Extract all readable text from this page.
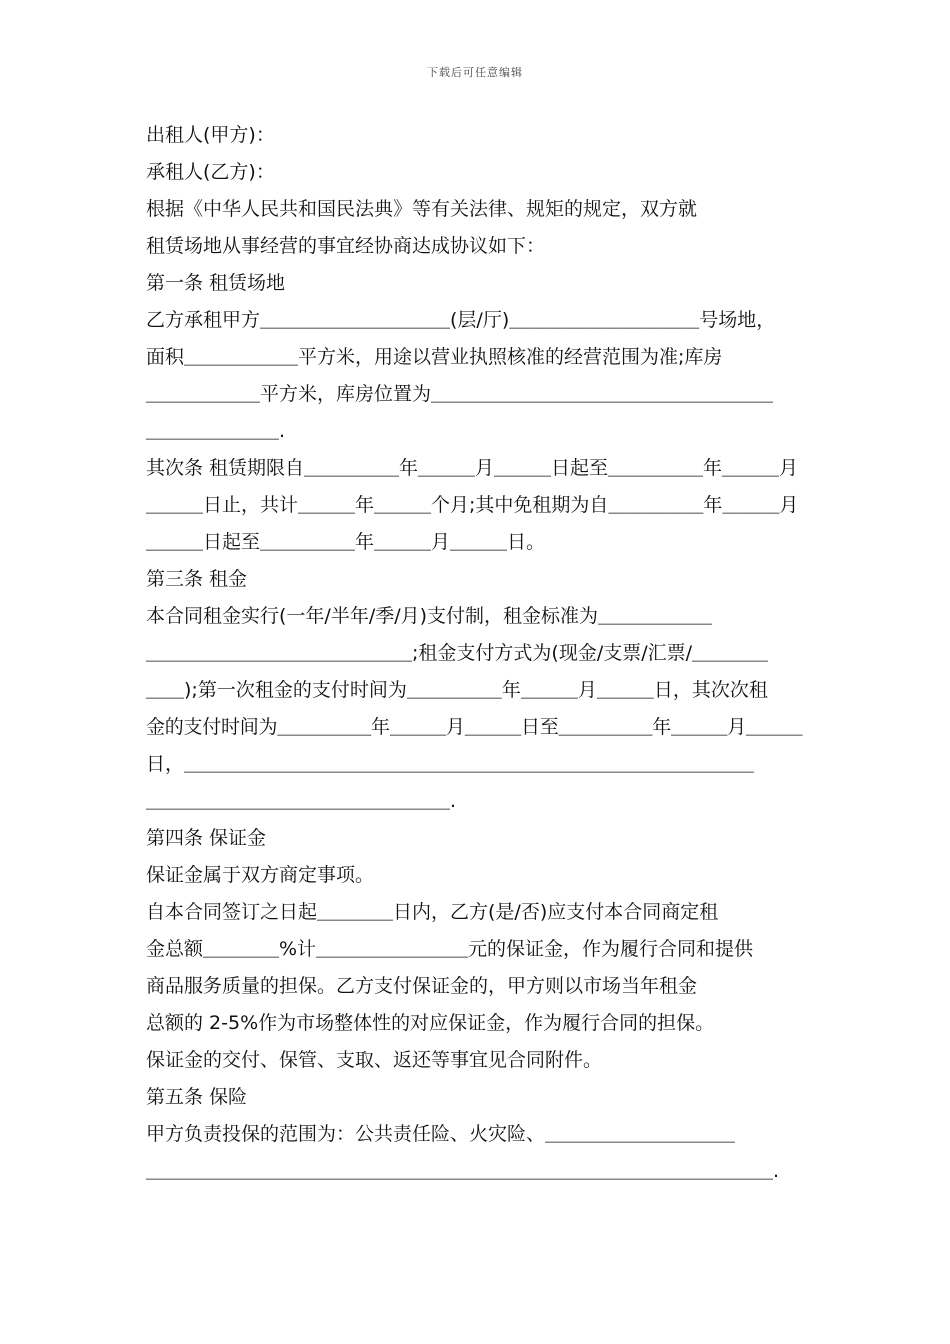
下载后可任意编辑
出租人(甲方)：
承租人(乙方)：
根据《中华人民共和国民法典》等有关法律、规矩的规定，双方就
租赁场地从事经营的事宜经协商达成协议如下：
第一条 租赁场地
乙方承租甲方＿＿＿＿＿＿＿＿＿＿(层/厅)＿＿＿＿＿＿＿＿＿＿号场地，
面积＿＿＿＿＿＿平方米，用途以营业执照核准的经营范围为准;库房
＿＿＿＿＿＿平方米，库房位置为＿＿＿＿＿＿＿＿＿＿＿＿＿＿＿＿＿＿
＿＿＿＿＿＿＿.
其次条 租赁期限自＿＿＿＿＿年＿＿＿月＿＿＿日起至＿＿＿＿＿年＿＿＿月
＿＿＿日止，共计＿＿＿年＿＿＿个月;其中免租期为自＿＿＿＿＿年＿＿＿月
＿＿＿日起至＿＿＿＿＿年＿＿＿月＿＿＿日。
第三条 租金
本合同租金实行(一年/半年/季/月)支付制，租金标准为＿＿＿＿＿＿
＿＿＿＿＿＿＿＿＿＿＿＿＿＿;租金支付方式为(现金/支票/汇票/＿＿＿＿
＿＿);第一次租金的支付时间为＿＿＿＿＿年＿＿＿月＿＿＿日，其次次租
金的支付时间为＿＿＿＿＿年＿＿＿月＿＿＿日至＿＿＿＿＿年＿＿＿月＿＿＿
日，＿＿＿＿＿＿＿＿＿＿＿＿＿＿＿＿＿＿＿＿＿＿＿＿＿＿＿＿＿＿
＿＿＿＿＿＿＿＿＿＿＿＿＿＿＿＿.
第四条 保证金
保证金属于双方商定事项。
自本合同签订之日起＿＿＿＿日内，乙方(是/否)应支付本合同商定租
金总额＿＿＿＿%计＿＿＿＿＿＿＿＿元的保证金，作为履行合同和提供
商品服务质量的担保。乙方支付保证金的，甲方则以市场当年租金
总额的 2-5%作为市场整体性的对应保证金，作为履行合同的担保。
保证金的交付、保管、支取、返还等事宜见合同附件。
第五条 保险
甲方负责投保的范围为：公共责任险、火灾险、＿＿＿＿＿＿＿＿＿＿
＿＿＿＿＿＿＿＿＿＿＿＿＿＿＿＿＿＿＿＿＿＿＿＿＿＿＿＿＿＿＿＿＿.
